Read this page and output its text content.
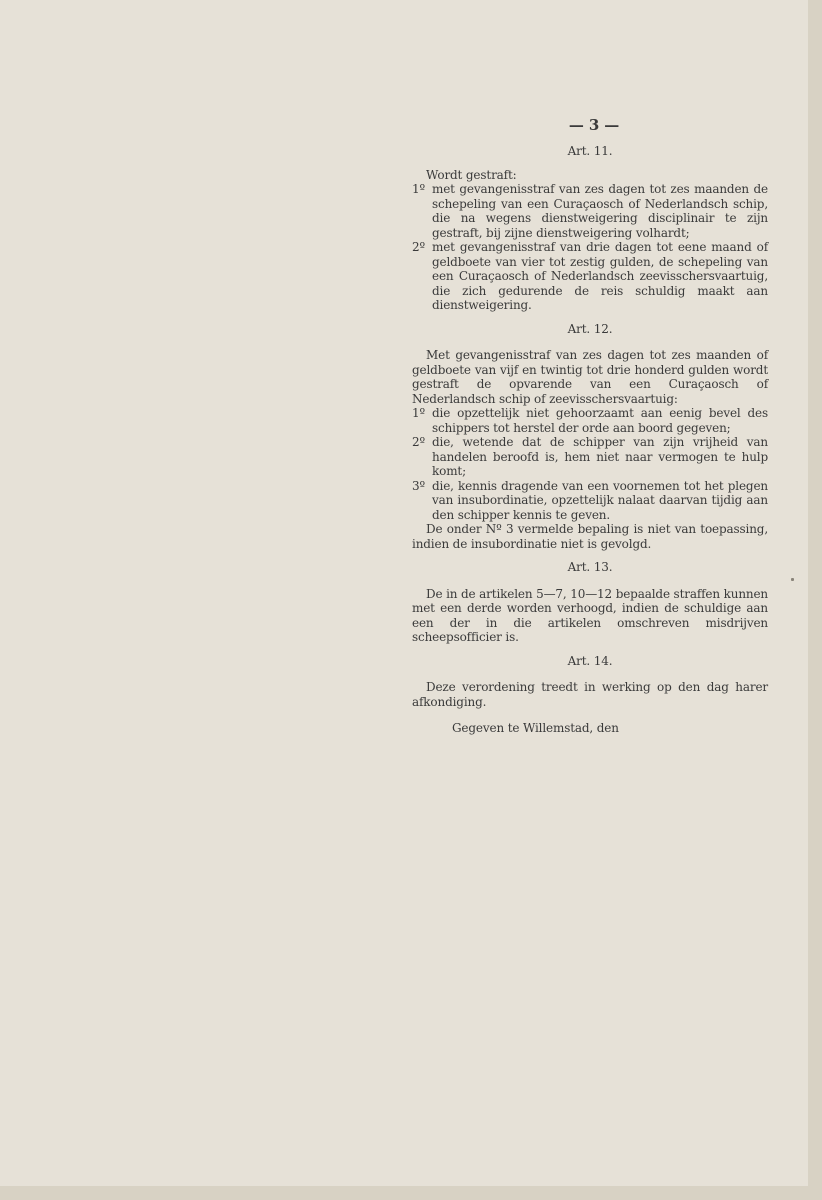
— 3 —
Art. 11.

Wordt gestraft:

1º met gevangenisstraf van zes dagen tot zes maanden de schepeling van een Curaçaosch of Nederlandsch schip, die na wegens dienstweigering disciplinair te zijn gestraft, bij zijne dienstweigering volhardt;
2º met gevangenisstraf van drie dagen tot eene maand of geldboete van vier tot zestig gulden, de schepeling van een Curaçaosch of Nederlandsch zeevisschersvaartuig, die zich gedurende de reis schuldig maakt aan dienstweigering.
Art. 12.

Met gevangenisstraf van zes dagen tot zes maanden of geldboete van vijf en twintig tot drie honderd gulden wordt gestraft de opvarende van een Curaçaosch of Nederlandsch schip of zeevisschersvaartuig:

1º die opzettelijk niet gehoorzaamt aan eenig bevel des schippers tot herstel der orde aan boord gegeven;
2º die, wetende dat de schipper van zijn vrijheid van handelen beroofd is, hem niet naar vermogen te hulp komt;
3º die, kennis dragende van een voornemen tot het plegen van insubordinatie, opzettelijk nalaat daarvan tijdig aan den schipper kennis te geven.

De onder Nº 3 vermelde bepaling is niet van toepassing, indien de insubordinatie niet is gevolgd.

Art. 13.

De in de artikelen 5—7, 10—12 bepaalde straffen kunnen met een derde worden verhoogd, indien de schuldige aan een der in die artikelen omschreven misdrijven scheepsofficier is.

Art. 14.

Deze verordening treedt in werking op den dag harer afkondiging.

Gegeven te Willemstad, den
